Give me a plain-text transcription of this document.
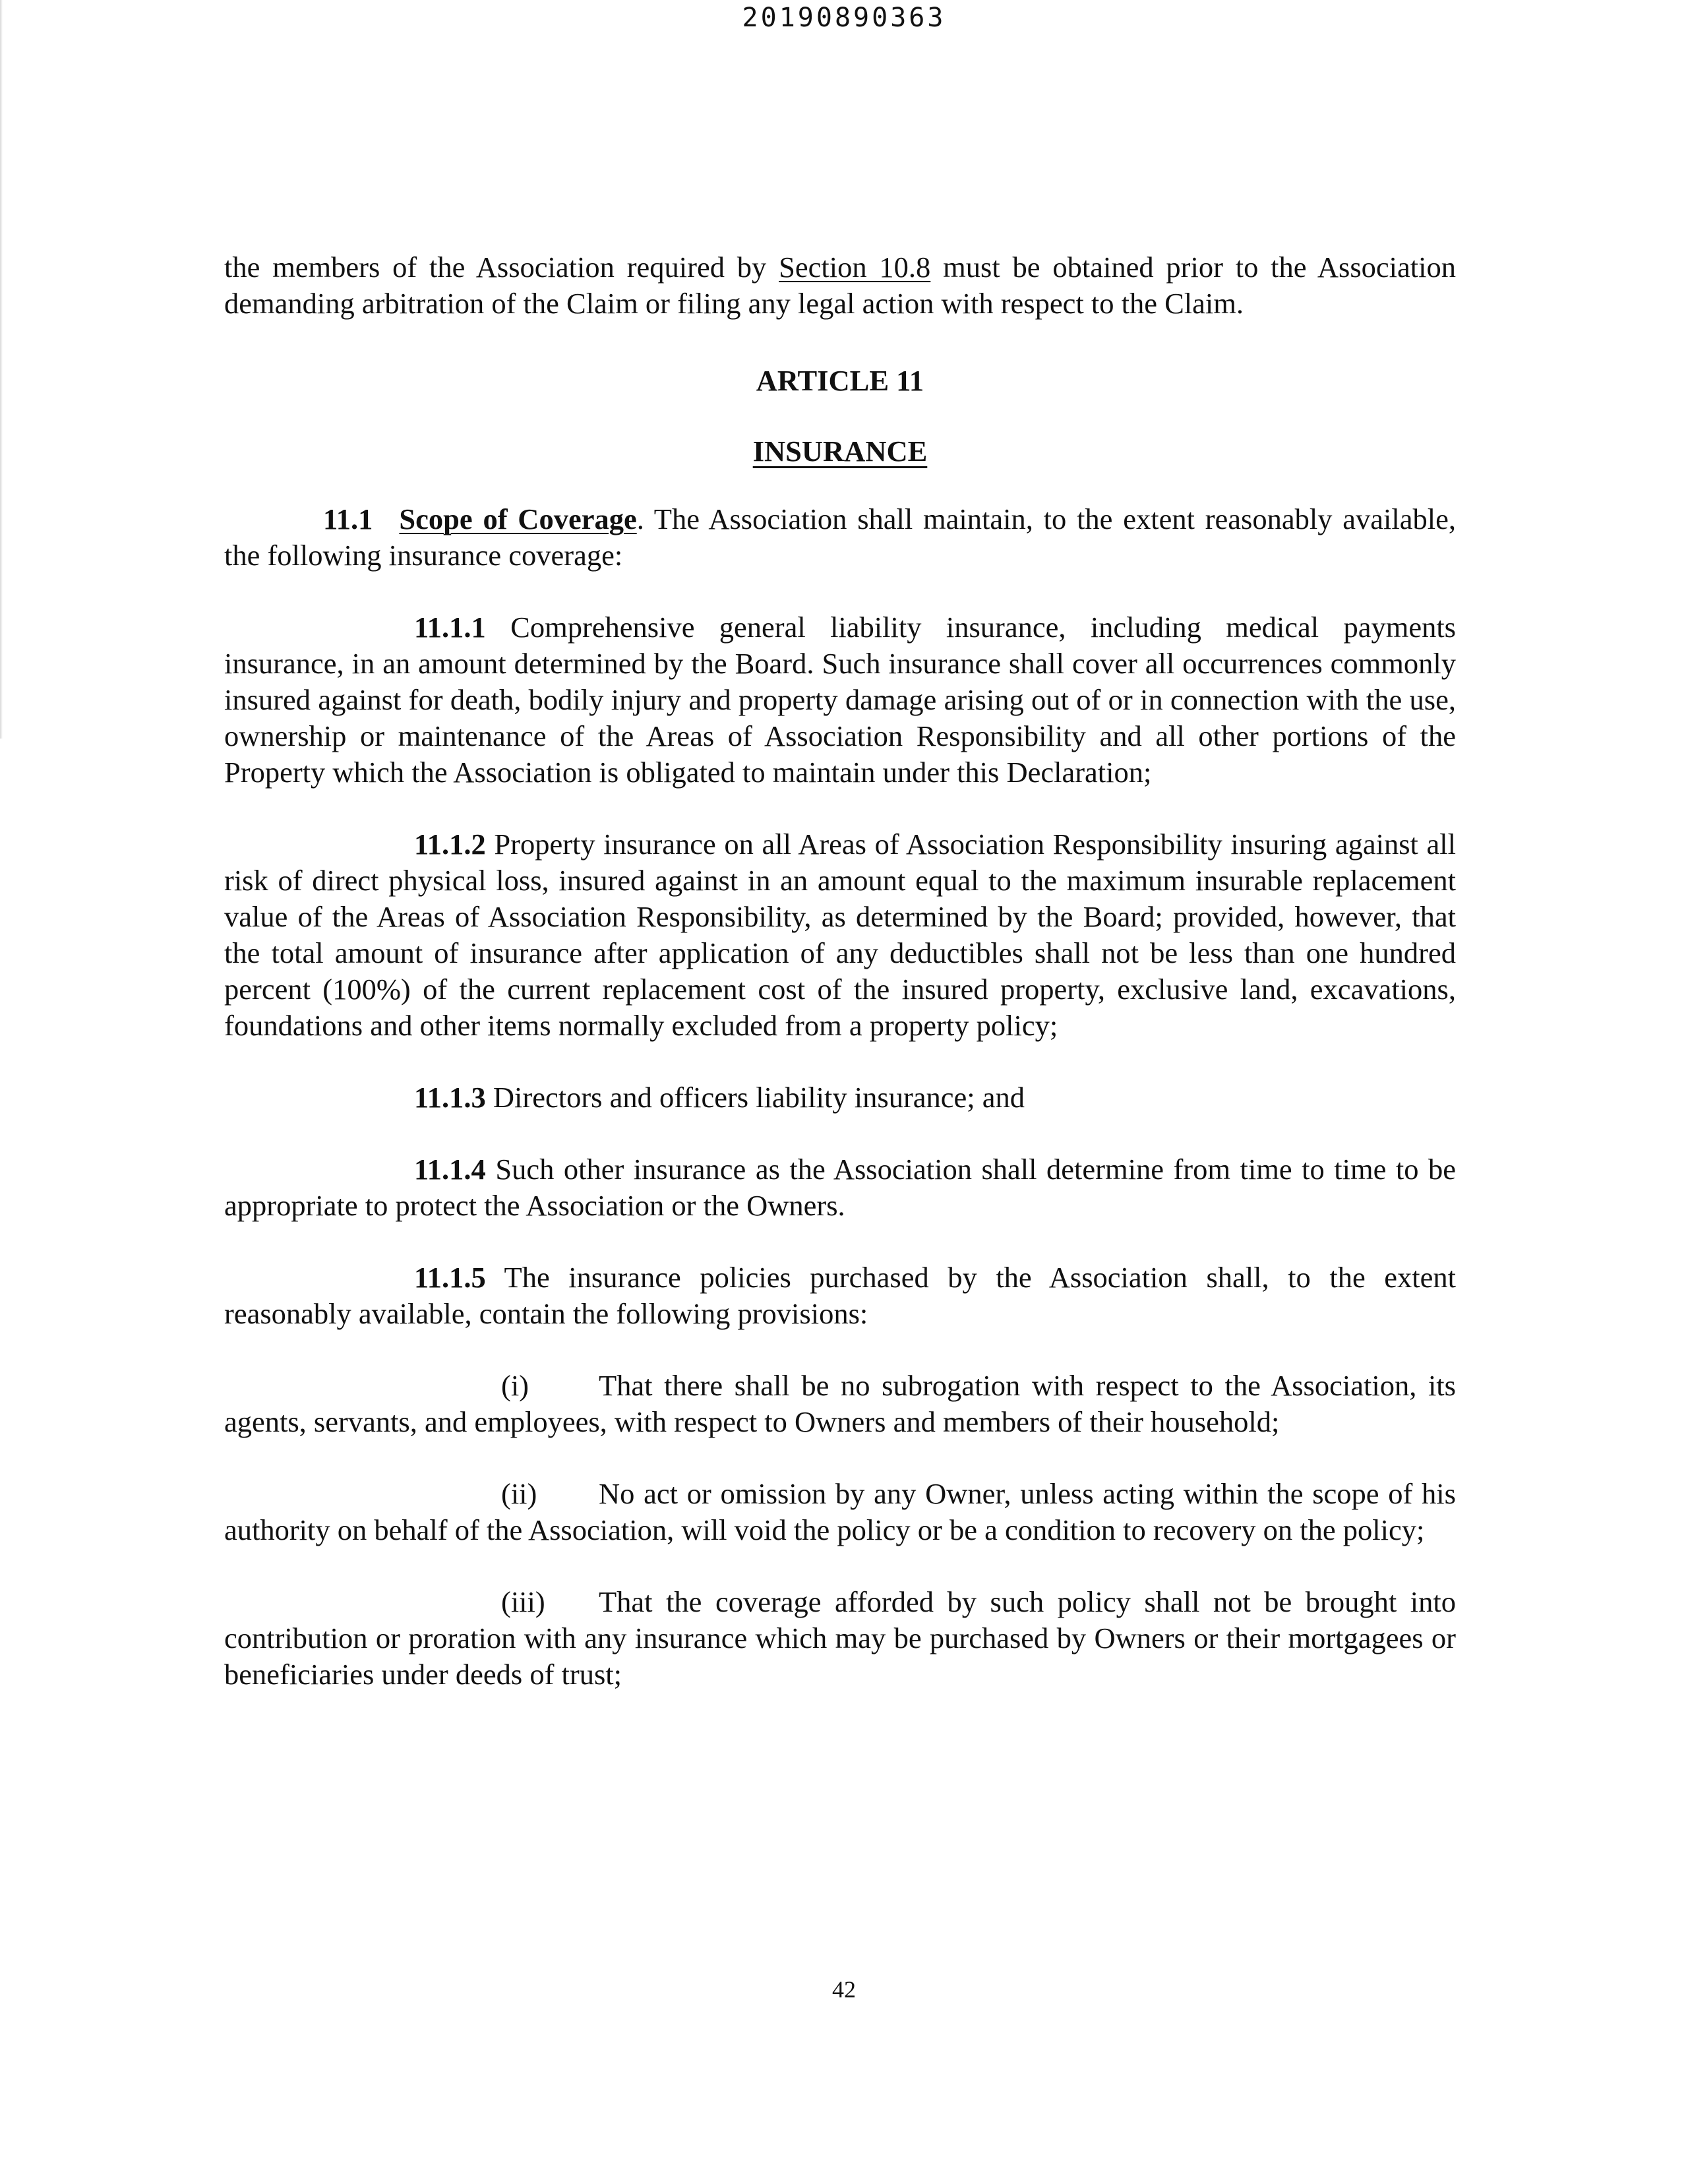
20190890363

the members of the Association required by Section 10.8 must be obtained prior to the Association demanding arbitration of the Claim or filing any legal action with respect to the Claim.

ARTICLE 11

INSURANCE

11.1 Scope of Coverage. The Association shall maintain, to the extent reasonably available, the following insurance coverage:

11.1.1 Comprehensive general liability insurance, including medical payments insurance, in an amount determined by the Board. Such insurance shall cover all occurrences commonly insured against for death, bodily injury and property damage arising out of or in connection with the use, ownership or maintenance of the Areas of Association Responsibility and all other portions of the Property which the Association is obligated to maintain under this Declaration;

11.1.2 Property insurance on all Areas of Association Responsibility insuring against all risk of direct physical loss, insured against in an amount equal to the maximum insurable replacement value of the Areas of Association Responsibility, as determined by the Board; provided, however, that the total amount of insurance after application of any deductibles shall not be less than one hundred percent (100%) of the current replacement cost of the insured property, exclusive land, excavations, foundations and other items normally excluded from a property policy;

11.1.3 Directors and officers liability insurance; and

11.1.4 Such other insurance as the Association shall determine from time to time to be appropriate to protect the Association or the Owners.

11.1.5 The insurance policies purchased by the Association shall, to the extent reasonably available, contain the following provisions:

(i) That there shall be no subrogation with respect to the Association, its agents, servants, and employees, with respect to Owners and members of their household;

(ii) No act or omission by any Owner, unless acting within the scope of his authority on behalf of the Association, will void the policy or be a condition to recovery on the policy;

(iii) That the coverage afforded by such policy shall not be brought into contribution or proration with any insurance which may be purchased by Owners or their mortgagees or beneficiaries under deeds of trust;

42
